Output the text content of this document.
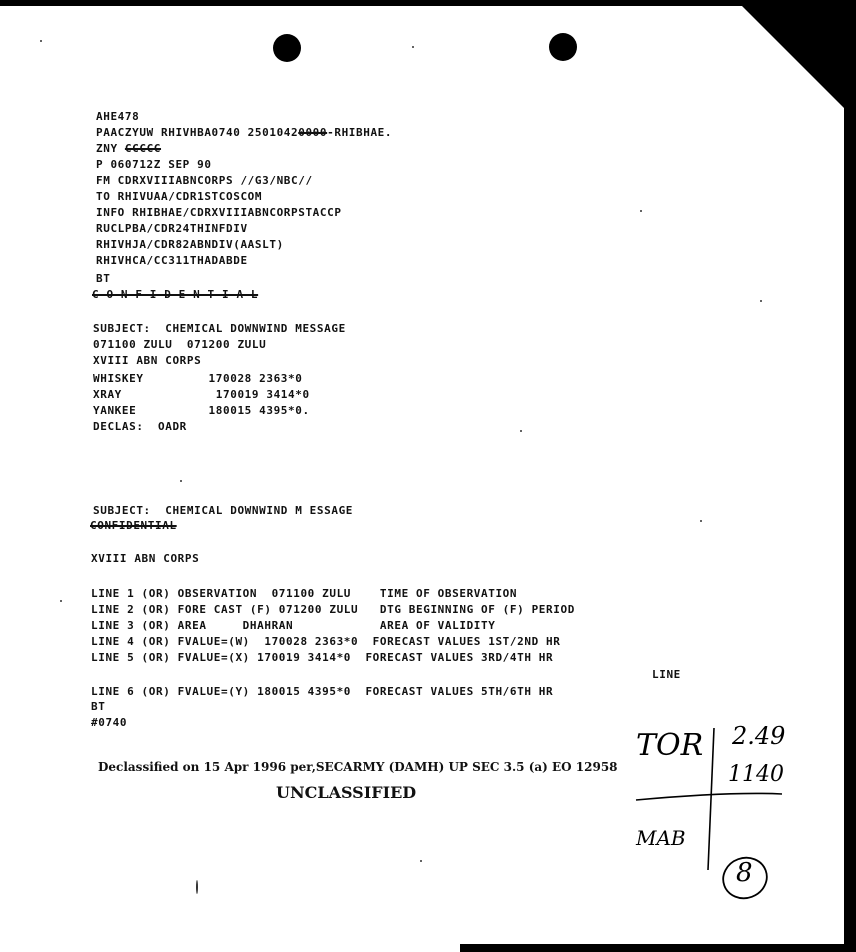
AHE478
PAACZYUW RHIVHBA0740 25010420000-RHIBHAE.
ZNY CCCCC
P 060712Z SEP 90
FM CDRXVIIIABNCORPS //G3/NBC//
TO RHIVUAA/CDR1STCOSCOM
INFO RHIBHAE/CDRXVIIIABNCORPSTACCP
RUCLPBA/CDR24THINFDIV
RHIVHJA/CDR82ABNDIV(AASLT)
RHIVHCA/CC311THADABDE
BT
C O N F I D E N T I A L
SUBJECT:  CHEMICAL DOWNWIND MESSAGE
071100 ZULU  071200 ZULU
XVIII ABN CORPS
WHISKEY         170028 2363*0
XRAY             170019 3414*0
YANKEE          180015 4395*0.
DECLAS:  OADR
SUBJECT:  CHEMICAL DOWNWIND M ESSAGE
CONFIDENTIAL
XVIII ABN CORPS
LINE 1 (OR) OBSERVATION  071100 ZULU    TIME OF OBSERVATION
LINE 2 (OR) FORE CAST (F) 071200 ZULU   DTG BEGINNING OF (F) PERIOD
LINE 3 (OR) AREA     DHAHRAN            AREA OF VALIDITY
LINE 4 (OR) FVALUE=(W)  170028 2363*0  FORECAST VALUES 1ST/2ND HR
LINE 5 (OR) FVALUE=(X) 170019 3414*0  FORECAST VALUES 3RD/4TH HR
LINE
LINE 6 (OR) FVALUE=(Y) 180015 4395*0  FORECAST VALUES 5TH/6TH HR
BT
#0740
Declassified on 15 Apr 1996 per,SECARMY (DAMH) UP SEC 3.5 (a) EO 12958
UNCLASSIFIED
TOR 2.49
1140
MAB
8
